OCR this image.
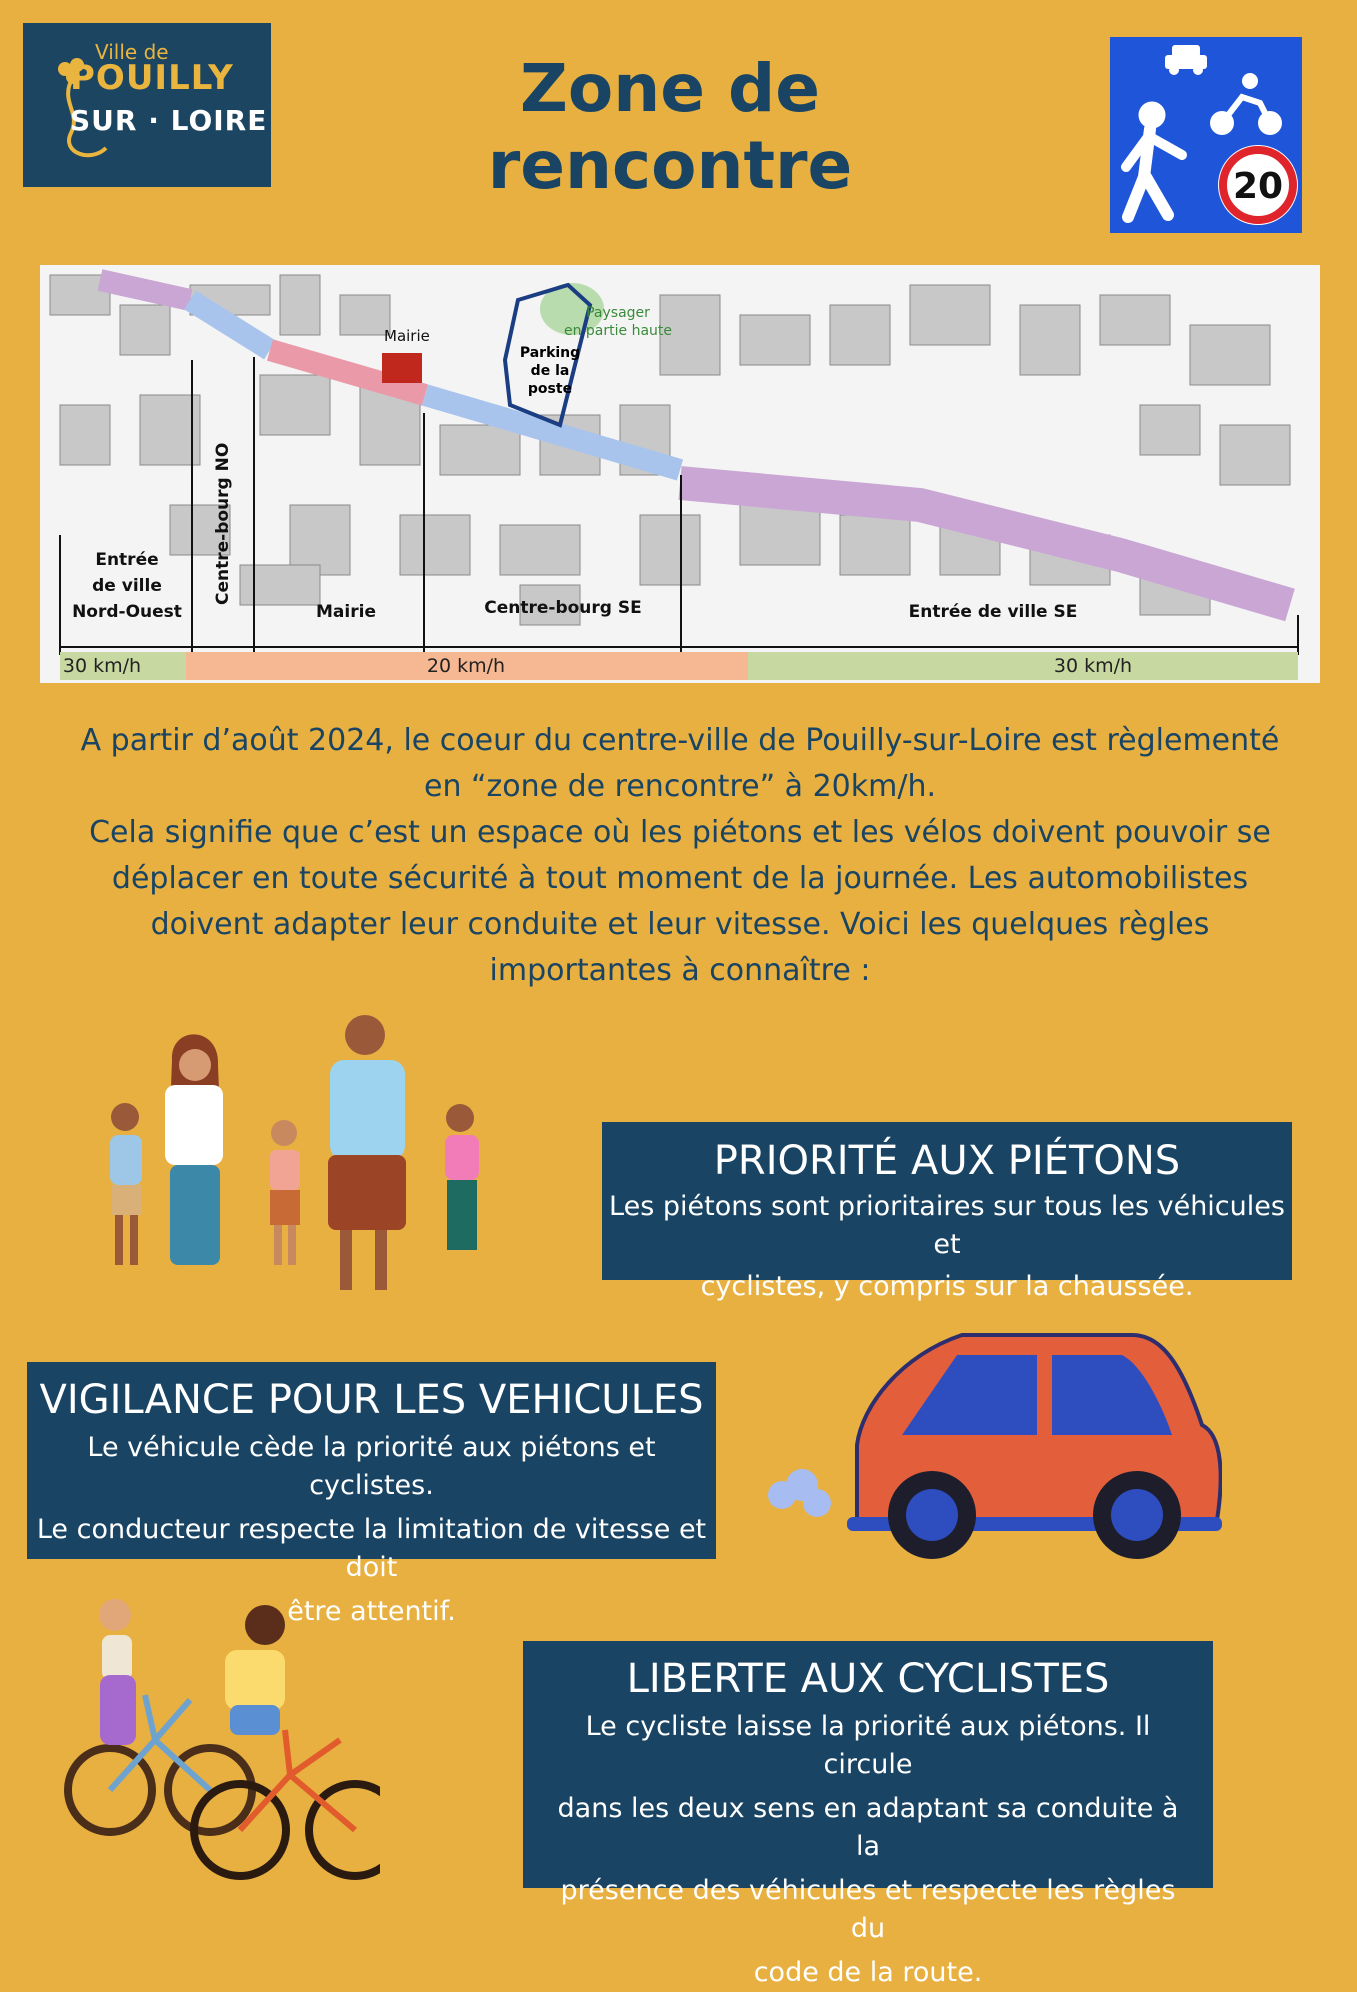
Ville de
POUILLY
SUR · LOIRE	Zone de rencontre	20
Mairie
Paysager
en partie haute
Parking
de la
poste
Entrée
de ville
Nord-Ouest
Centre-bourg NO
Mairie	Centre-bourg SE	Entrée de ville SE
30 km/h	20 km/h	30 km/h
A partir d’août 2024, le coeur du centre-ville de Pouilly-sur-Loire est règlementé
en “zone de rencontre” à 20km/h.
Cela signifie que c’est un espace où les piétons et les vélos doivent pouvoir se
déplacer en toute sécurité à tout moment de la journée. Les automobilistes
doivent adapter leur conduite et leur vitesse. Voici les quelques règles
importantes à connaître :
PRIORITÉ AUX PIÉTONS

Les piétons sont prioritaires sur tous les véhicules et

cyclistes, y compris sur la chaussée.

VIGILANCE POUR LES VEHICULES

Le véhicule cède la priorité aux piétons et cyclistes.

Le conducteur respecte la limitation de vitesse et doit

être attentif.

LIBERTE AUX CYCLISTES

Le cycliste laisse la priorité aux piétons. Il circule

dans les deux sens en adaptant sa conduite à la

présence des véhicules et respecte les règles du

code de la route.
